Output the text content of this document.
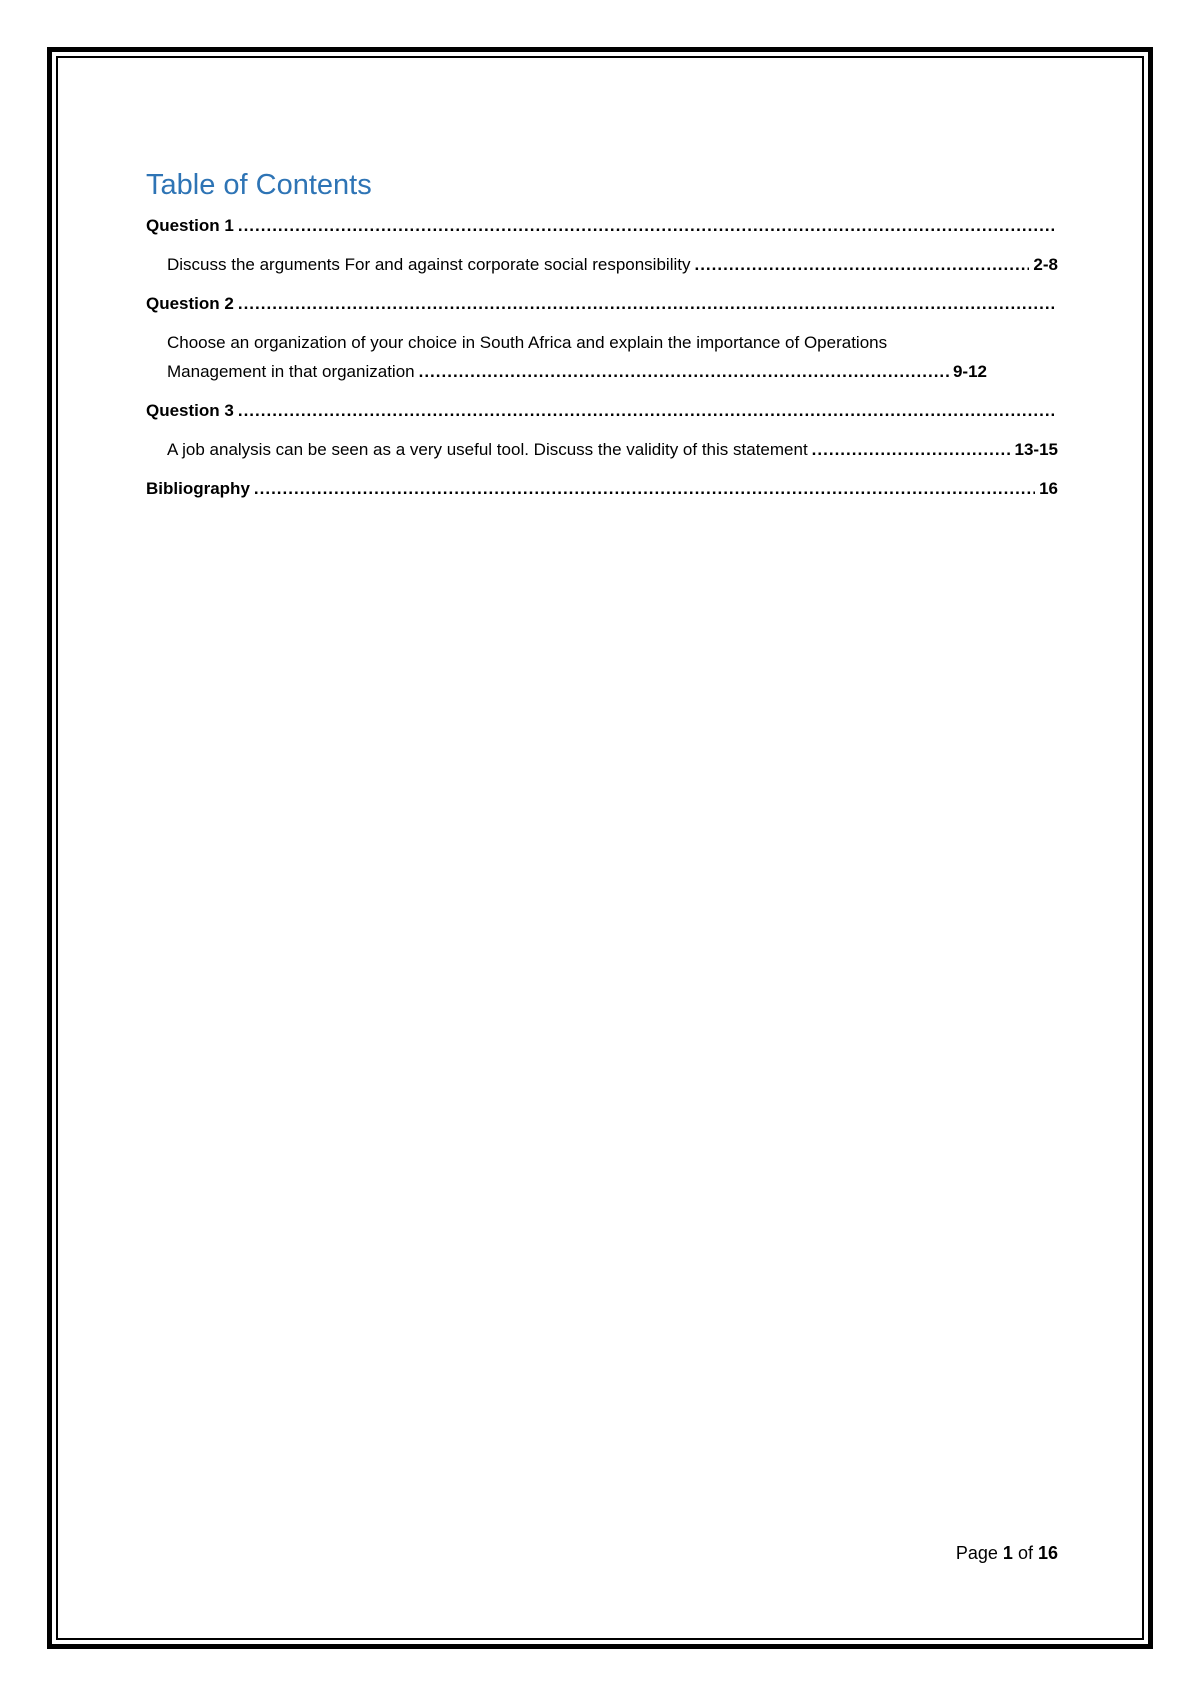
Table of Contents
Question 1
.....
Discuss the arguments For and against corporate social responsibility .....	2-8
Question 2
.....
Choose an organization of your choice in South Africa and explain the importance of Operations
Management in that organization .....	9-12
Question 3
.....
A job analysis can be seen as a very useful tool. Discuss the validity of this statement .....	13-15
Bibliography .....	16
Page 1 of 16
